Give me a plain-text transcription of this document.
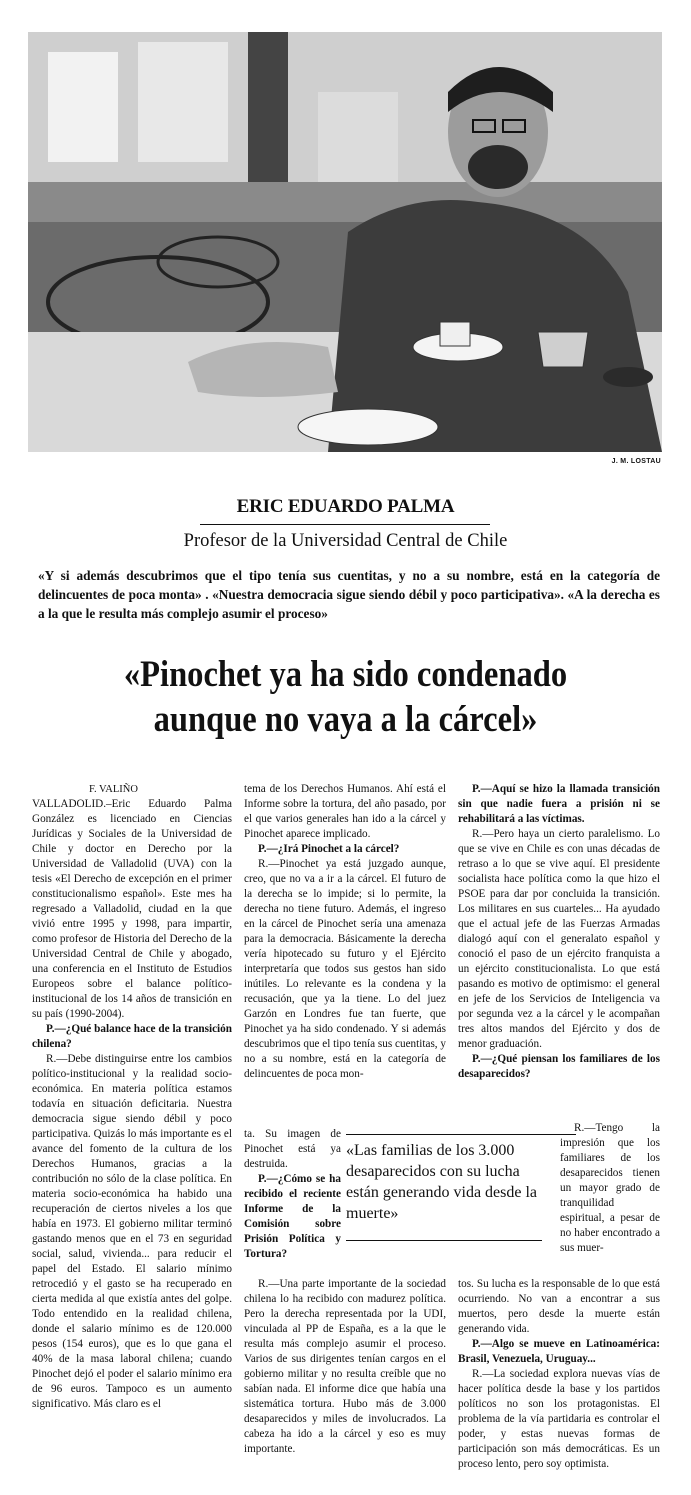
J. M. LOSTAU
ERIC EDUARDO PALMA
Profesor de la Universidad Central de Chile
«Y si además descubrimos que el tipo tenía sus cuentitas, y no a su nombre, está en la categoría de delincuentes de poca monta» . «Nuestra democracia sigue siendo débil y poco participativa». «A la derecha es a la que le resulta más complejo asumir el proceso»
«Pinochet ya ha sido condenado
aunque no vaya a la cárcel»
F. VALIÑO

VALLADOLID.–Eric Eduardo Palma González es licenciado en Ciencias Jurídicas y Sociales de la Universidad de Chile y doctor en Derecho por la Universidad de Valladolid (UVA) con la tesis «El Derecho de excepción en el primer constitucionalismo español». Este mes ha regresado a Valladolid, ciudad en la que vivió entre 1995 y 1998, para impartir, como profesor de Historia del Derecho de la Universidad Central de Chile y abogado, una conferencia en el Instituto de Estudios Europeos sobre el balance político-institucional de los 14 años de transición en su país (1990-2004).

P.—¿Qué balance hace de la transición chilena?

R.—Debe distinguirse entre los cambios político-institucional y la realidad socio-económica. En materia política estamos todavía en situación deficitaria. Nuestra democracia sigue siendo débil y poco participativa. Quizás lo más importante es el avance del fomento de la cultura de los Derechos Humanos, gracias a la contribución no sólo de la clase política. En materia socio-económica ha habido una recuperación de ciertos niveles a los que había en 1973. El gobierno militar terminó gastando menos que en el 73 en seguridad social, salud, vivienda... para reducir el papel del Estado. El salario mínimo retrocedió y el gasto se ha recuperado en cierta medida al que existía antes del golpe. Todo entendido en la realidad chilena, donde el salario mínimo es de 120.000 pesos (154 euros), que es lo que gana el 40% de la masa laboral chilena; cuando Pinochet dejó el poder el salario mínimo era de 96 euros. Tampoco es un aumento significativo. Más claro es el

tema de los Derechos Humanos. Ahí está el Informe sobre la tortura, del año pasado, por el que varios generales han ido a la cárcel y Pinochet aparece implicado.

P.—¿Irá Pinochet a la cárcel?

R.—Pinochet ya está juzgado aunque, creo, que no va a ir a la cárcel. El futuro de la derecha se lo impide; si lo permite, la derecha no tiene futuro. Además, el ingreso en la cárcel de Pinochet sería una amenaza para la democracia. Básicamente la derecha vería hipotecado su futuro y el Ejército interpretaría que todos sus gestos han sido inútiles. Lo relevante es la condena y la recusación, que ya la tiene. Lo del juez Garzón en Londres fue tan fuerte, que Pinochet ya ha sido condenado. Y si además descubrimos que el tipo tenía sus cuentitas, y no a su nombre, está en la categoría de delincuentes de poca mon-

ta. Su imagen de Pinochet está ya destruida.

P.—¿Cómo se ha recibido el reciente Informe de la Comisión sobre Prisión Política y Tortura?

R.—Una parte importante de la sociedad chilena lo ha recibido con madurez política. Pero la derecha representada por la UDI, vinculada al PP de España, es a la que le resulta más complejo asumir el proceso. Varios de sus dirigentes tenían cargos en el gobierno militar y no resulta creíble que no sabían nada. El informe dice que había una sistemática tortura. Hubo más de 3.000 desaparecidos y miles de involucrados. La cabeza ha ido a la cárcel y eso es muy importante.

P.—Aquí se hizo la llamada transición sin que nadie fuera a prisión ni se rehabilitará a las víctimas.

R.—Pero haya un cierto paralelismo. Lo que se vive en Chile es con unas décadas de retraso a lo que se vive aquí. El presidente socialista hace política como la que hizo el PSOE para dar por concluida la transición. Los militares en sus cuarteles... Ha ayudado que el actual jefe de las Fuerzas Armadas dialogó aquí con el generalato español y conoció el paso de un ejército franquista a un ejército constitucionalista. Lo que está pasando es motivo de optimismo: el general en jefe de los Servicios de Inteligencia va por segunda vez a la cárcel y le acompañan tres altos mandos del Ejército y dos de menor graduación.

P.—¿Qué piensan los familiares de los desaparecidos?

R.—Tengo la impresión que los familiares de los desaparecidos tienen un mayor grado de tranquilidad espiritual, a pesar de no haber encontrado a sus muer-

tos. Su lucha es la responsable de lo que está ocurriendo. No van a encontrar a sus muertos, pero desde la muerte están generando vida.

P.—Algo se mueve en Latinoamérica: Brasil, Venezuela, Uruguay...

R.—La sociedad explora nuevas vías de hacer política desde la base y los partidos políticos no son los protagonistas. El problema de la vía partidaria es controlar el poder, y estas nuevas formas de participación son más democráticas. Es un proceso lento, pero soy optimista.

«Las familias de los 3.000 desaparecidos con su lucha están generando vida desde la muerte»
